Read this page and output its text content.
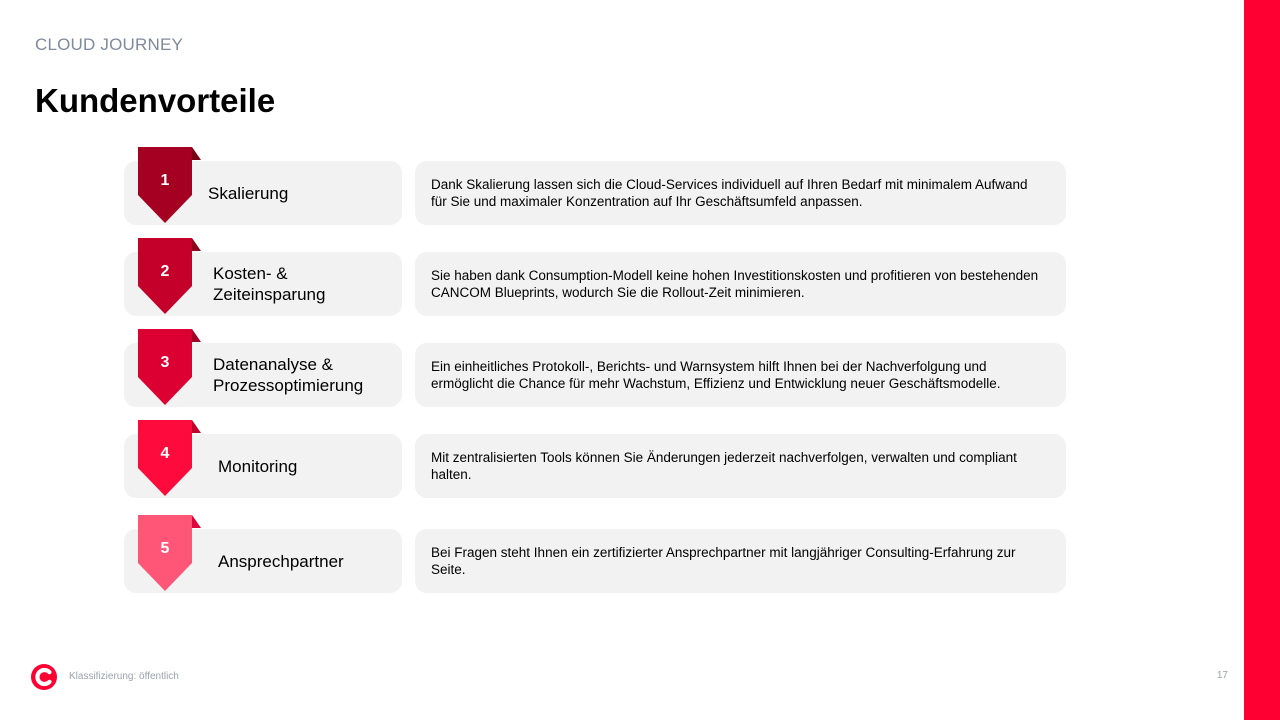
CLOUD JOURNEY
Kundenvorteile
1
Skalierung	Dank Skalierung lassen sich die Cloud-Services individuell auf Ihren Bedarf mit minimalem Aufwand für Sie und maximaler Konzentration auf Ihr Geschäftsumfeld anpassen.
2	Kosten- & Zeiteinsparung
Sie haben dank Consumption-Modell keine hohen Investitionskosten und profitieren von bestehenden CANCOM Blueprints, wodurch Sie die Rollout-Zeit minimieren.
3	Datenanalyse & Prozessoptimierung
Ein einheitliches Protokoll-, Berichts- und Warnsystem hilft Ihnen bei der Nachverfolgung und ermöglicht die Chance für mehr Wachstum, Effizienz und Entwicklung neuer Geschäftsmodelle.
4
Monitoring	Mit zentralisierten Tools können Sie Änderungen jederzeit nachverfolgen, verwalten und compliant halten.
5
Ansprechpartner	Bei Fragen steht Ihnen ein zertifizierter Ansprechpartner mit langjähriger Consulting-Erfahrung zur Seite.
Klassifizierung: öffentlich	17
